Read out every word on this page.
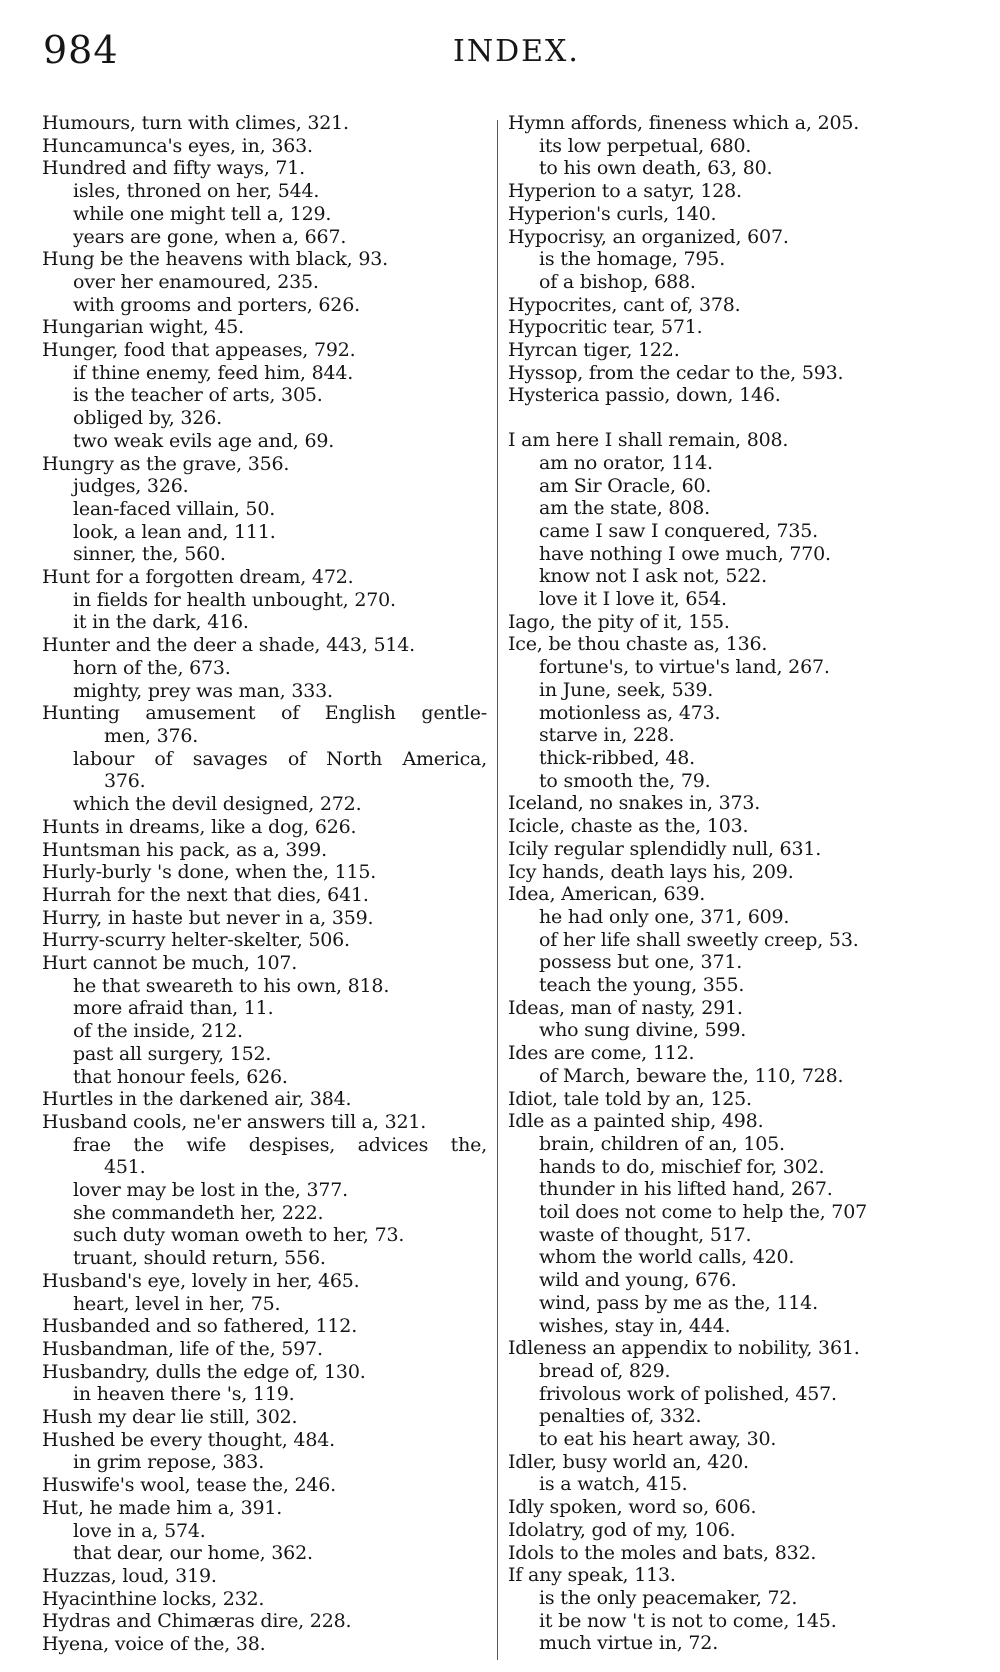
984	INDEX.
Humours, turn with climes, 321.
Huncamunca's eyes, in, 363.
Hundred and fifty ways, 71.
isles, throned on her, 544.
while one might tell a, 129.
years are gone, when a, 667.
Hung be the heavens with black, 93.
over her enamoured, 235.
with grooms and porters, 626.
Hungarian wight, 45.
Hunger, food that appeases, 792.
if thine enemy, feed him, 844.
is the teacher of arts, 305.
obliged by, 326.
two weak evils age and, 69.
Hungry as the grave, 356.
judges, 326.
lean-faced villain, 50.
look, a lean and, 111.
sinner, the, 560.
Hunt for a forgotten dream, 472.
in fields for health unbought, 270.
it in the dark, 416.
Hunter and the deer a shade, 443, 514.
horn of the, 673.
mighty, prey was man, 333.
Hunting amusement of English gentle-
men, 376.
labour of savages of North America,
376.
which the devil designed, 272.
Hunts in dreams, like a dog, 626.
Huntsman his pack, as a, 399.
Hurly-burly 's done, when the, 115.
Hurrah for the next that dies, 641.
Hurry, in haste but never in a, 359.
Hurry-scurry helter-skelter, 506.
Hurt cannot be much, 107.
he that sweareth to his own, 818.
more afraid than, 11.
of the inside, 212.
past all surgery, 152.
that honour feels, 626.
Hurtles in the darkened air, 384.
Husband cools, ne'er answers till a, 321.
frae the wife despises, advices the,
451.
lover may be lost in the, 377.
she commandeth her, 222.
such duty woman oweth to her, 73.
truant, should return, 556.
Husband's eye, lovely in her, 465.
heart, level in her, 75.
Husbanded and so fathered, 112.
Husbandman, life of the, 597.
Husbandry, dulls the edge of, 130.
in heaven there 's, 119.
Hush my dear lie still, 302.
Hushed be every thought, 484.
in grim repose, 383.
Huswife's wool, tease the, 246.
Hut, he made him a, 391.
love in a, 574.
that dear, our home, 362.
Huzzas, loud, 319.
Hyacinthine locks, 232.
Hydras and Chimæras dire, 228.
Hyena, voice of the, 38.
Hymn affords, fineness which a, 205.
its low perpetual, 680.
to his own death, 63, 80.
Hyperion to a satyr, 128.
Hyperion's curls, 140.
Hypocrisy, an organized, 607.
is the homage, 795.
of a bishop, 688.
Hypocrites, cant of, 378.
Hypocritic tear, 571.
Hyrcan tiger, 122.
Hyssop, from the cedar to the, 593.
Hysterica passio, down, 146.
I am here I shall remain, 808.
am no orator, 114.
am Sir Oracle, 60.
am the state, 808.
came I saw I conquered, 735.
have nothing I owe much, 770.
know not I ask not, 522.
love it I love it, 654.
Iago, the pity of it, 155.
Ice, be thou chaste as, 136.
fortune's, to virtue's land, 267.
in June, seek, 539.
motionless as, 473.
starve in, 228.
thick-ribbed, 48.
to smooth the, 79.
Iceland, no snakes in, 373.
Icicle, chaste as the, 103.
Icily regular splendidly null, 631.
Icy hands, death lays his, 209.
Idea, American, 639.
he had only one, 371, 609.
of her life shall sweetly creep, 53.
possess but one, 371.
teach the young, 355.
Ideas, man of nasty, 291.
who sung divine, 599.
Ides are come, 112.
of March, beware the, 110, 728.
Idiot, tale told by an, 125.
Idle as a painted ship, 498.
brain, children of an, 105.
hands to do, mischief for, 302.
thunder in his lifted hand, 267.
toil does not come to help the, 707
waste of thought, 517.
whom the world calls, 420.
wild and young, 676.
wind, pass by me as the, 114.
wishes, stay in, 444.
Idleness an appendix to nobility, 361.
bread of, 829.
frivolous work of polished, 457.
penalties of, 332.
to eat his heart away, 30.
Idler, busy world an, 420.
is a watch, 415.
Idly spoken, word so, 606.
Idolatry, god of my, 106.
Idols to the moles and bats, 832.
If any speak, 113.
is the only peacemaker, 72.
it be now 't is not to come, 145.
much virtue in, 72.
